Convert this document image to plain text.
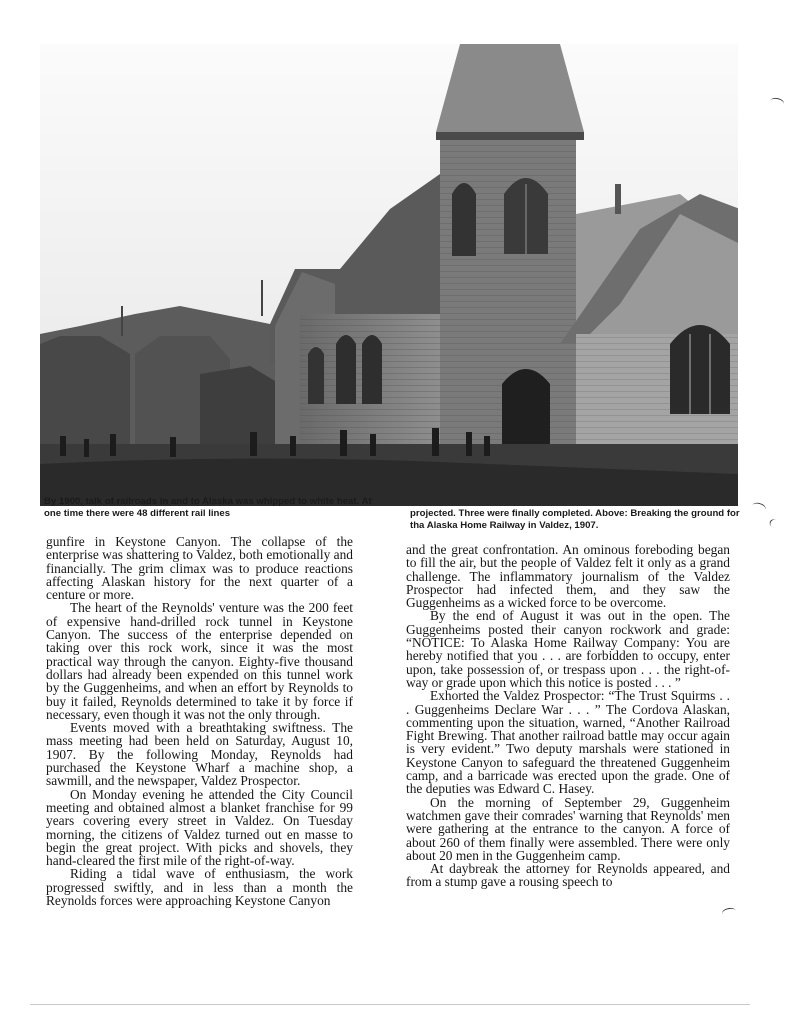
By 1900, talk of railroads in and to Alaska was whipped to white heat. At one time there were 48 different rail lines	projected. Three were finally completed. Above: Breaking the ground for tha Alaska Home Railway in Valdez, 1907.

gunfire in Keystone Canyon. The collapse of the enterprise was shattering to Valdez, both emotionally and financially. The grim climax was to produce reactions affecting Alaskan history for the next quarter of a centure or more.

The heart of the Reynolds' venture was the 200 feet of expensive hand-drilled rock tunnel in Keystone Canyon. The success of the enterprise depended on taking over this rock work, since it was the most practical way through the canyon. Eighty-five thousand dollars had already been expended on this tunnel work by the Guggenheims, and when an effort by Reynolds to buy it failed, Reynolds determined to take it by force if necessary, even though it was not the only through.

Events moved with a breathtaking swiftness. The mass meeting had been held on Saturday, August 10, 1907. By the following Monday, Reynolds had purchased the Keystone Wharf a machine shop, a sawmill, and the newspaper, Valdez Prospector.

On Monday evening he attended the City Council meeting and obtained almost a blanket franchise for 99 years covering every street in Valdez. On Tuesday morning, the citizens of Valdez turned out en masse to begin the great project. With picks and shovels, they hand-cleared the first mile of the right-of-way.

Riding a tidal wave of enthusiasm, the work progressed swiftly, and in less than a month the Reynolds forces were approaching Keystone Canyon

and the great confrontation. An ominous foreboding began to fill the air, but the people of Valdez felt it only as a grand challenge. The inflammatory journalism of the Valdez Prospector had infected them, and they saw the Guggenheims as a wicked force to be overcome.

By the end of August it was out in the open. The Guggenheims posted their canyon rockwork and grade: “NOTICE: To Alaska Home Railway Company: You are hereby notified that you . . . are forbidden to occupy, enter upon, take possession of, or trespass upon . . . the right-of-way or grade upon which this notice is posted . . . ”

Exhorted the Valdez Prospector: “The Trust Squirms . . . Guggenheims Declare War . . . ” The Cordova Alaskan, commenting upon the situation, warned, “Another Railroad Fight Brewing. That another railroad battle may occur again is very evident.” Two deputy marshals were stationed in Keystone Canyon to safeguard the threatened Guggenheim camp, and a barricade was erected upon the grade. One of the deputies was Edward C. Hasey.

On the morning of September 29, Guggenheim watchmen gave their comrades' warning that Reynolds' men were gathering at the entrance to the canyon. A force of about 260 of them finally were assembled. There were only about 20 men in the Guggenheim camp.

At daybreak the attorney for Reynolds appeared, and from a stump gave a rousing speech to
